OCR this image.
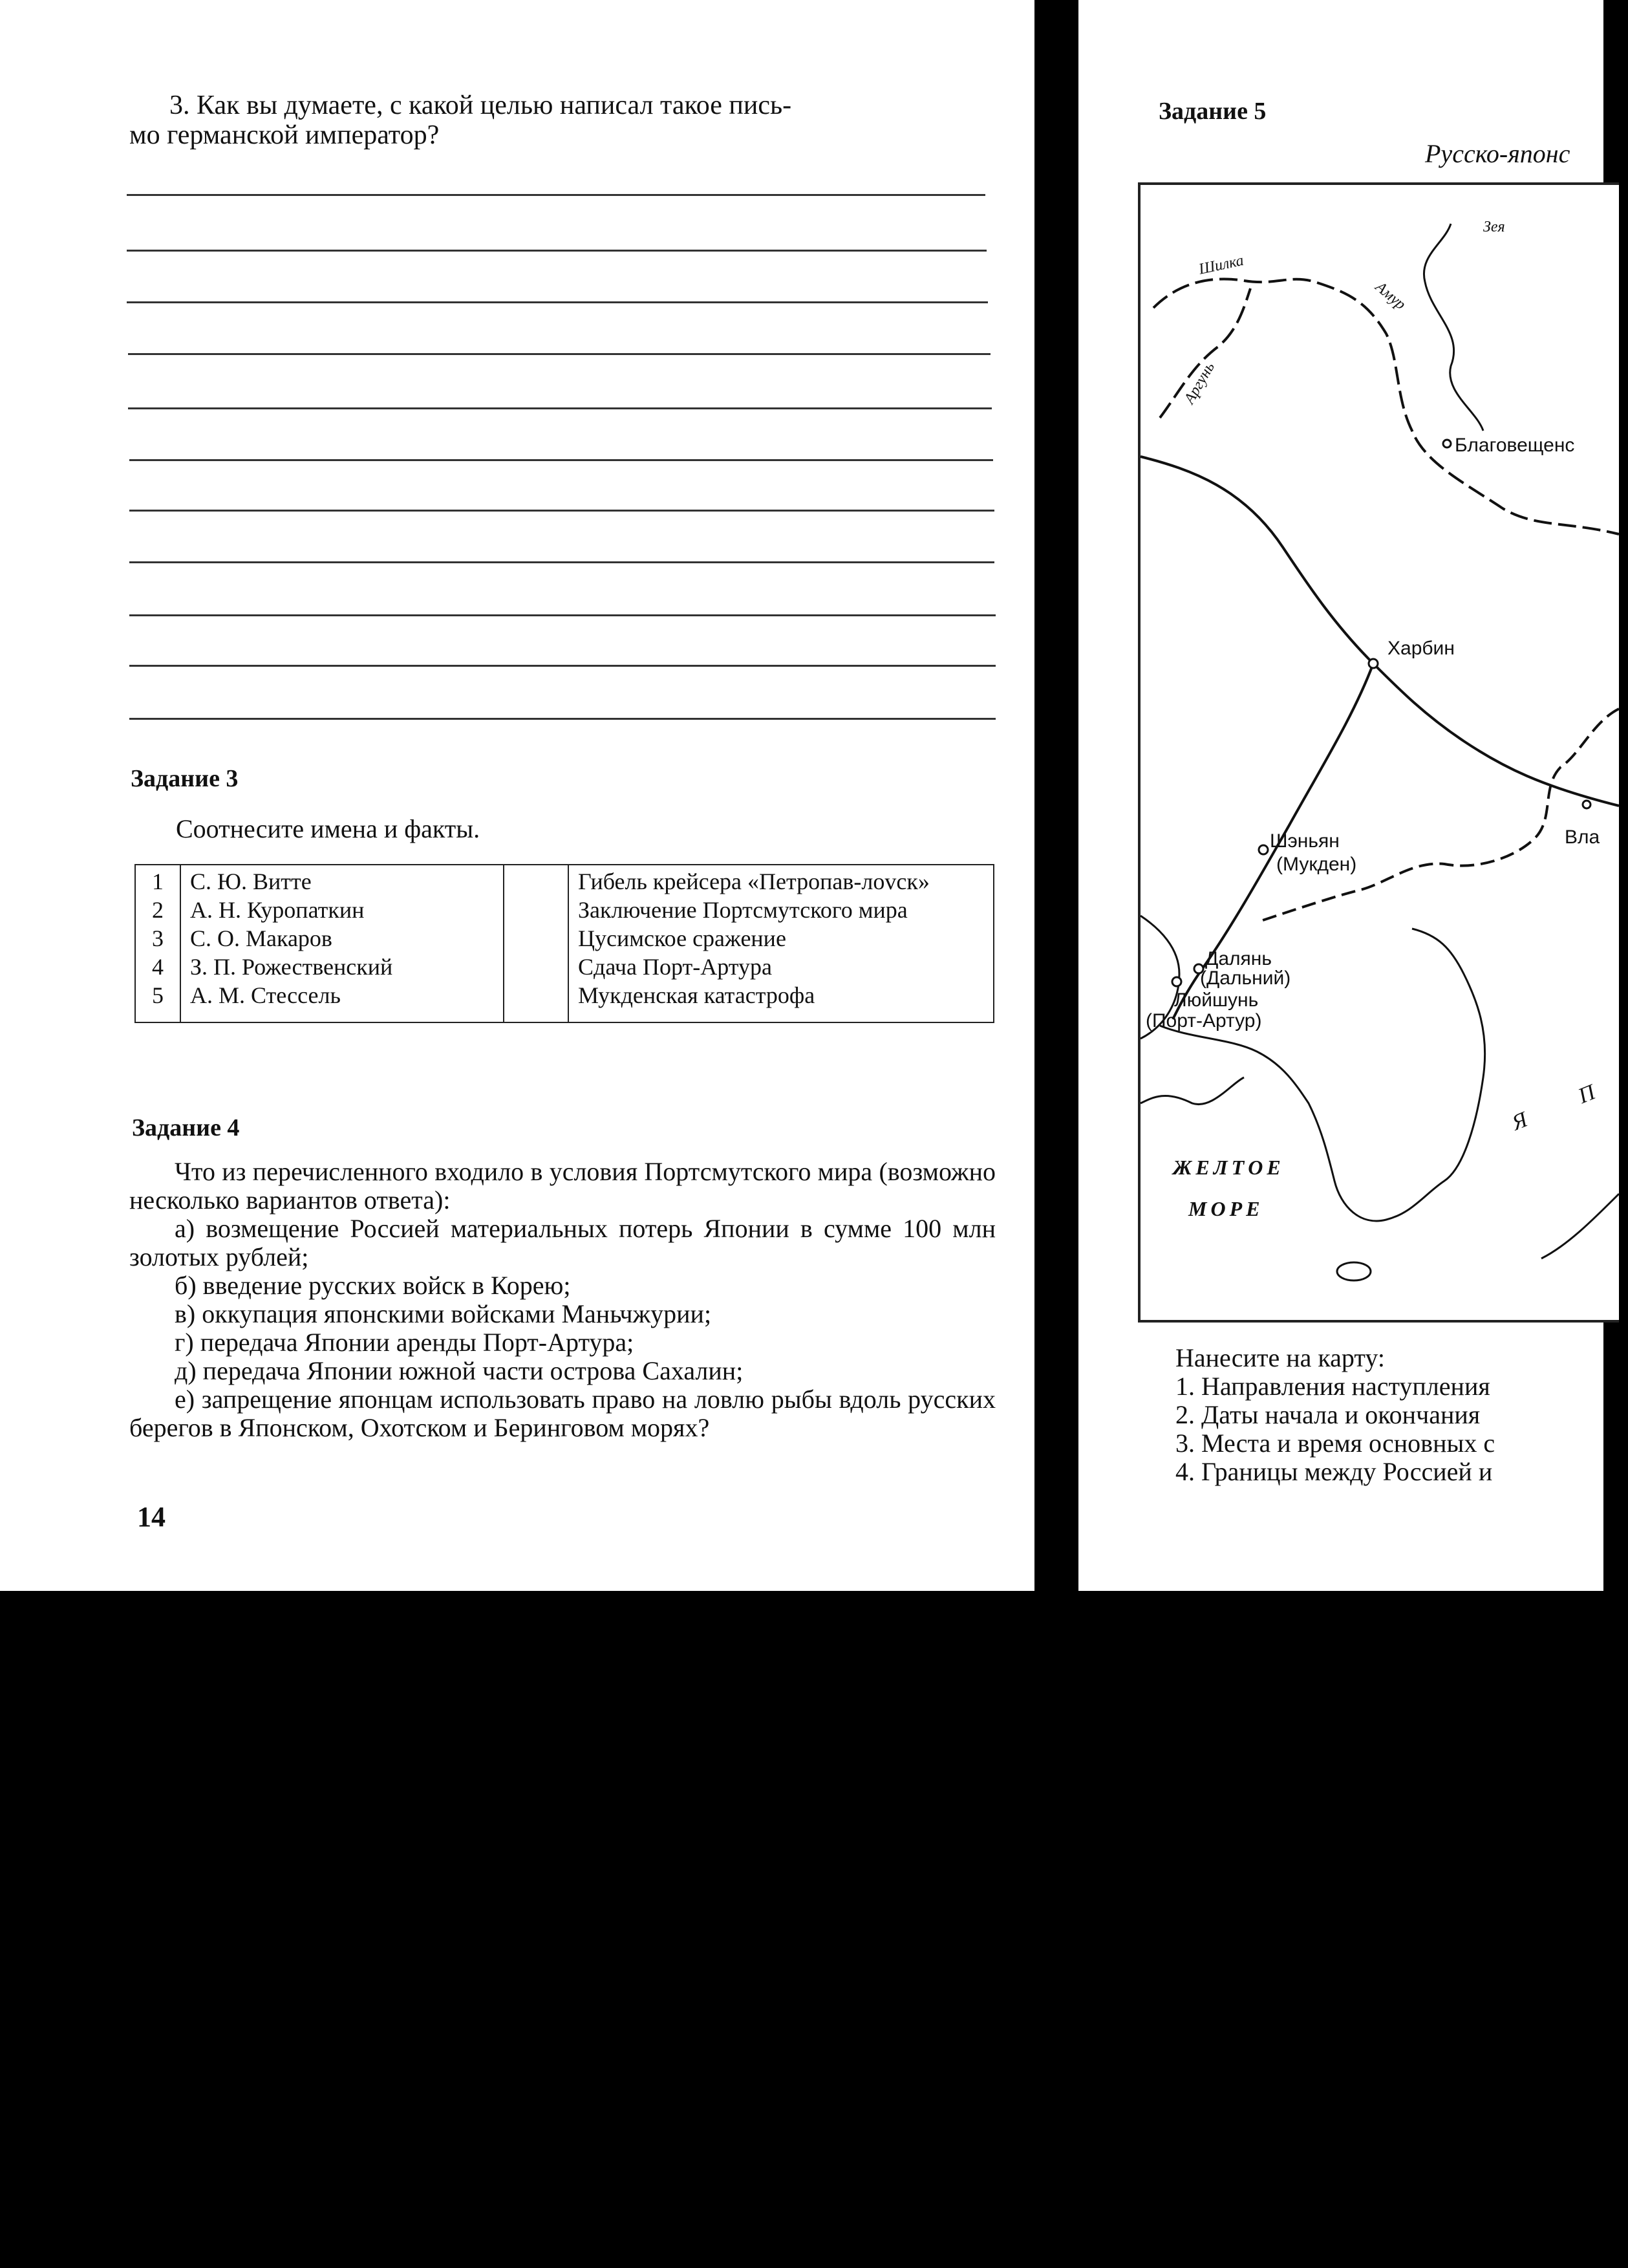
3. Как вы думаете, с какой целью написал такое пись-
мо германской император?
Задание 3
Соотнесите имена и факты.
1	С. Ю. Витте		Гибель крейсера «Петропав-лovск»
2	А. Н. Куропаткин		Заключение Портсмутского мира
3	С. О. Макаров		Цусимское сражение
4	З. П. Рожественский		Сдача Порт-Артура
5	А. М. Стессель		Мукденская катастрофа
Задание 4

Что из перечисленного входило в условия Портсмутского мира (возможно несколько вариантов ответа):

а) возмещение Россией материальных потерь Японии в сумме 100 млн золотых рублей;

б) введение русских войск в Корею;

в) оккупация японскими войсками Маньчжурии;

г) передача Японии аренды Порт-Артура;

д) передача Японии южной части острова Сахалин;

е) запрещение японцам использовать право на ловлю рыбы вдоль русских берегов в Японском, Охотском и Беринговом морях?

14
Задание 5
Русско-японс
Зея
Шилка
Амур
Аргунь
Благовещенс
Харбин
Шэньян
(Мукден)
Вла
Далянь
(Дальний)
Люйшунь
(Порт-Артур)
ЖЕЛТОЕ
МОРЕ
Я П
Нанесите на карту:
1. Направления наступления
2. Даты начала и окончания
3. Места и время основных с
4. Границы между Россией и
